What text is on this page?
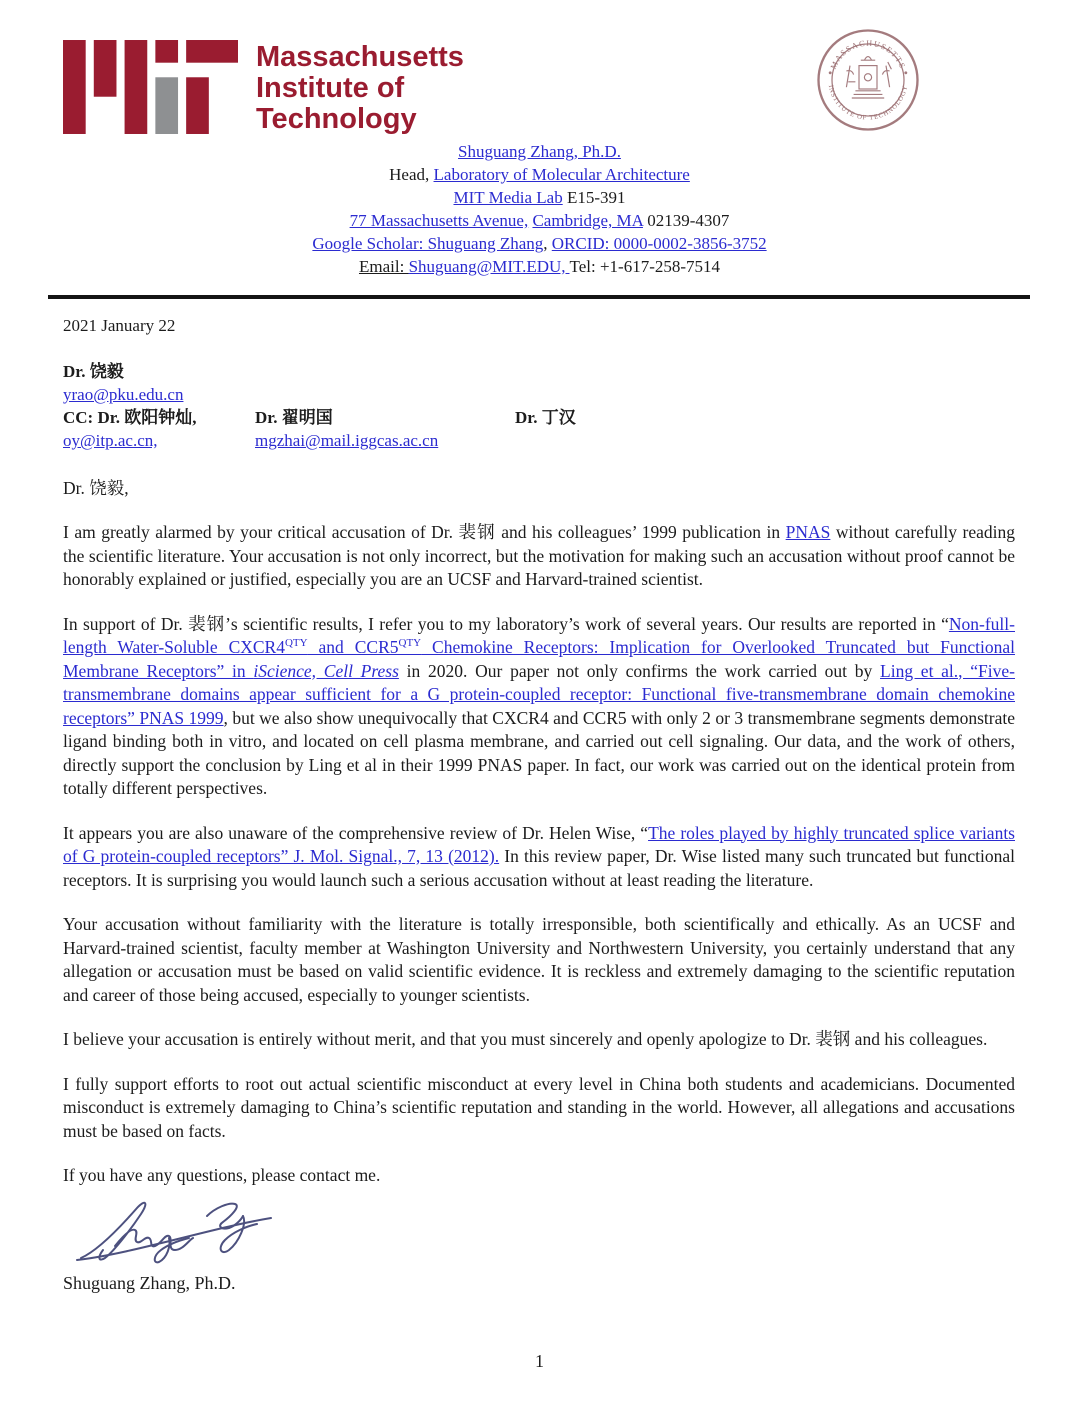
Massachusetts
Institute of
Technology
MASSACHUSETTS
INSTITUTE OF TECHNOLOGY
Shuguang Zhang, Ph.D.
Head, Laboratory of Molecular Architecture
MIT Media Lab E15-391
77 Massachusetts Avenue, Cambridge, MA 02139-4307
Google Scholar: Shuguang Zhang, ORCID: 0000-0002-3856-3752
Email: Shuguang@MIT.EDU, Tel: +1-617-258-7514
2021 January 22
Dr. 饶毅
yrao@pku.edu.cn
CC: Dr. 欧阳钟灿,	Dr. 翟明国	Dr. 丁汉
oy@itp.ac.cn,	mgzhai@mail.iggcas.ac.cn
Dr. 饶毅,

I am greatly alarmed by your critical accusation of Dr. 裴钢 and his colleagues’ 1999 publication in PNAS without carefully reading the scientific literature. Your accusation is not only incorrect, but the motivation for making such an accusation without proof cannot be honorably explained or justified, especially you are an UCSF and Harvard-trained scientist.

In support of Dr. 裴钢’s scientific results, I refer you to my laboratory’s work of several years. Our results are reported in “Non-full-length Water-Soluble $CXCR4^{QTY}$ and $CCR5^{QTY}$ Chemokine Receptors: Implication for Overlooked Truncated but Functional Membrane Receptors” in iScience, Cell Press in 2020. Our paper not only confirms the work carried out by Ling et al., “Five-transmembrane domains appear sufficient for a G protein-coupled receptor: Functional five-transmembrane domain chemokine receptors” PNAS 1999, but we also show unequivocally that CXCR4 and CCR5 with only 2 or 3 transmembrane segments demonstrate ligand binding both in vitro, and located on cell plasma membrane, and carried out cell signaling. Our data, and the work of others, directly support the conclusion by Ling et al in their 1999 PNAS paper. In fact, our work was carried out on the identical protein from totally different perspectives.

It appears you are also unaware of the comprehensive review of Dr. Helen Wise, “The roles played by highly truncated splice variants of G protein-coupled receptors” J. Mol. Signal., 7, 13 (2012). In this review paper, Dr. Wise listed many such truncated but functional receptors. It is surprising you would launch such a serious accusation without at least reading the literature.

Your accusation without familiarity with the literature is totally irresponsible, both scientifically and ethically. As an UCSF and Harvard-trained scientist, faculty member at Washington University and Northwestern University, you certainly understand that any allegation or accusation must be based on valid scientific evidence. It is reckless and extremely damaging to the scientific reputation and career of those being accused, especially to younger scientists.

I believe your accusation is entirely without merit, and that you must sincerely and openly apologize to Dr. 裴钢 and his colleagues.

I fully support efforts to root out actual scientific misconduct at every level in China both students and academicians. Documented misconduct is extremely damaging to China’s scientific reputation and standing in the world. However, all allegations and accusations must be based on facts.

If you have any questions, please contact me.

Shuguang Zhang, Ph.D.
1
